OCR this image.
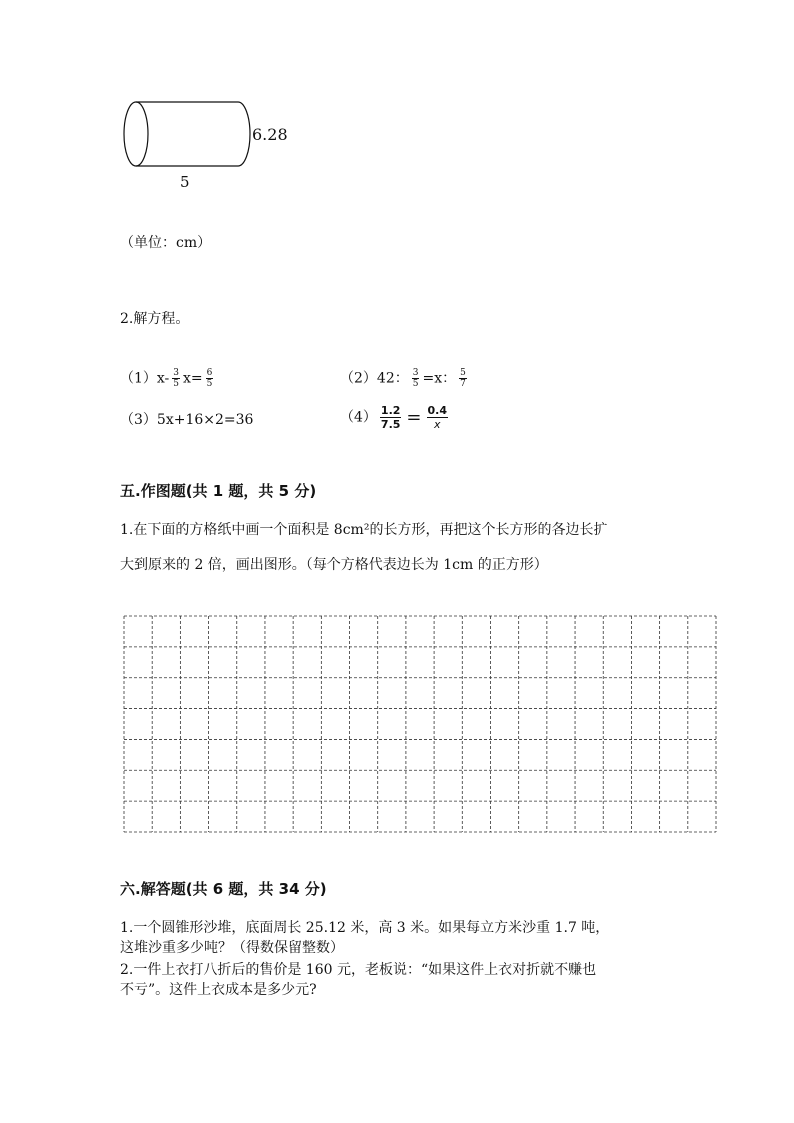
6.28
5
（单位：cm）
2.解方程。
$(1)x- \frac{3}{5} x= \frac{6}{5}$	（2）42： $\frac{3}{5} =x$： $\frac{5}{7}$
（3）5x+16×2=36	$(4) \frac{1.2}{7.5} = \frac{0.4}{x}$
五.作图题(共 1 题，共 5 分)
1.在下面的方格纸中画一个面积是 8cm²的长方形，再把这个长方形的各边长扩
大到原来的 2 倍，画出图形。（每个方格代表边长为 1cm 的正方形）
六.解答题(共 6 题，共 34 分)
1.一个圆锥形沙堆，底面周长 25.12 米，高 3 米。如果每立方米沙重 1.7 吨，
这堆沙重多少吨？（得数保留整数）
2.一件上衣打八折后的售价是 160 元，老板说：“如果这件上衣对折就不赚也
不亏”。这件上衣成本是多少元?
